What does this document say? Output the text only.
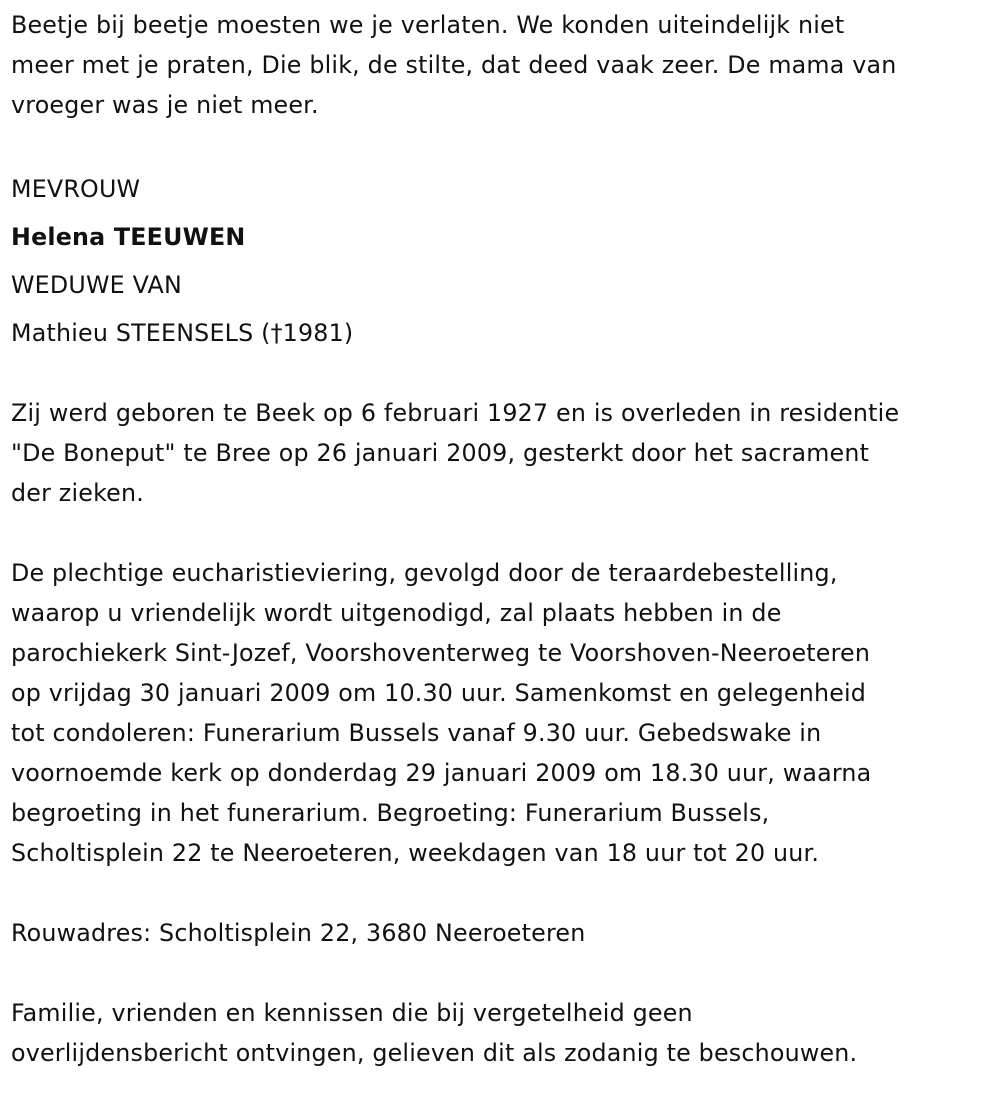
Beetje bij beetje moesten we je verlaten. We konden uiteindelijk niet
meer met je praten, Die blik, de stilte, dat deed vaak zeer. De mama van
vroeger was je niet meer.

MEVROUW
Helena TEEUWEN
WEDUWE VAN
Mathieu STEENSELS (†1981)

Zij werd geboren te Beek op 6 februari 1927 en is overleden in residentie
"De Boneput" te Bree op 26 januari 2009, gesterkt door het sacrament
der zieken.

De plechtige eucharistieviering, gevolgd door de teraardebestelling,
waarop u vriendelijk wordt uitgenodigd, zal plaats hebben in de
parochiekerk Sint-Jozef, Voorshoventerweg te Voorshoven-Neeroeteren
op vrijdag 30 januari 2009 om 10.30 uur. Samenkomst en gelegenheid
tot condoleren: Funerarium Bussels vanaf 9.30 uur. Gebedswake in
voornoemde kerk op donderdag 29 januari 2009 om 18.30 uur, waarna
begroeting in het funerarium. Begroeting: Funerarium Bussels,
Scholtisplein 22 te Neeroeteren, weekdagen van 18 uur tot 20 uur.

Rouwadres: Scholtisplein 22, 3680 Neeroeteren

Familie, vrienden en kennissen die bij vergetelheid geen
overlijdensbericht ontvingen, gelieven dit als zodanig te beschouwen.
